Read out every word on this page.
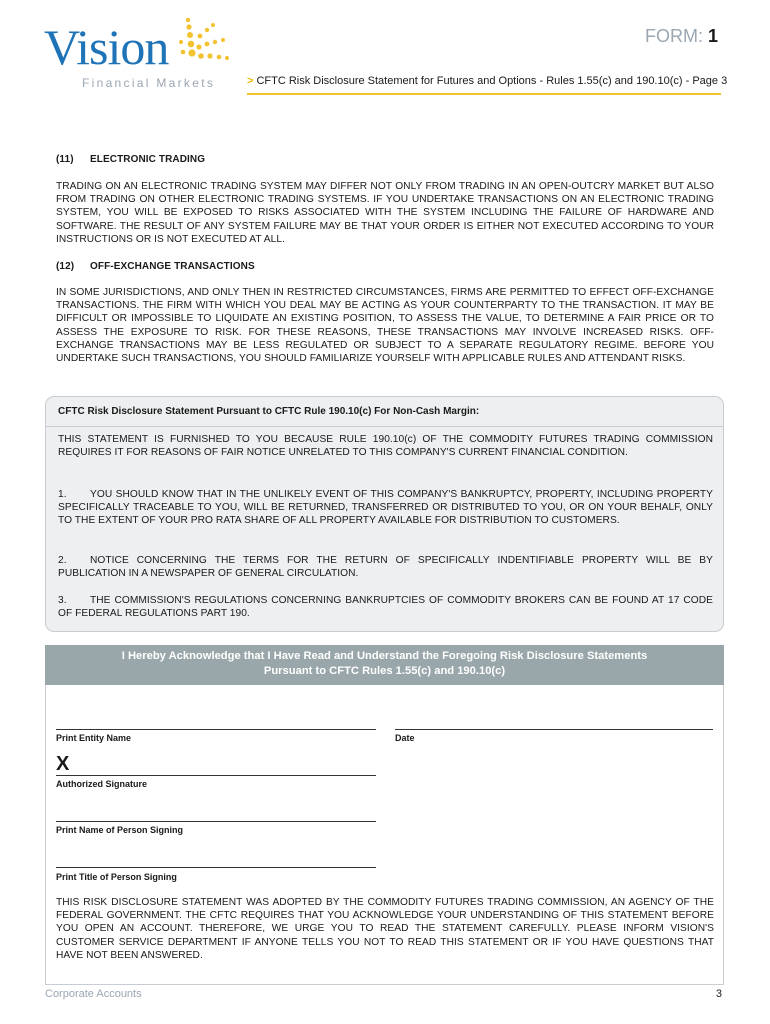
Vision
Financial Markets
FORM: 1
> CFTC Risk Disclosure Statement for Futures and Options - Rules 1.55(c) and 190.10(c) - Page 3
(11) ELECTRONIC TRADING
TRADING ON AN ELECTRONIC TRADING SYSTEM MAY DIFFER NOT ONLY FROM TRADING IN AN OPEN-OUTCRY MARKET BUT ALSO FROM TRADING ON OTHER ELECTRONIC TRADING SYSTEMS. IF YOU UNDERTAKE TRANSACTIONS ON AN ELECTRONIC TRADING SYSTEM, YOU WILL BE EXPOSED TO RISKS ASSOCIATED WITH THE SYSTEM INCLUDING THE FAILURE OF HARDWARE AND SOFTWARE. THE RESULT OF ANY SYSTEM FAILURE MAY BE THAT YOUR ORDER IS EITHER NOT EXECUTED ACCORDING TO YOUR INSTRUCTIONS OR IS NOT EXECUTED AT ALL.
(12) OFF-EXCHANGE TRANSACTIONS
IN SOME JURISDICTIONS, AND ONLY THEN IN RESTRICTED CIRCUMSTANCES, FIRMS ARE PERMITTED TO EFFECT OFF-EXCHANGE TRANSACTIONS. THE FIRM WITH WHICH YOU DEAL MAY BE ACTING AS YOUR COUNTERPARTY TO THE TRANSACTION. IT MAY BE DIFFICULT OR IMPOSSIBLE TO LIQUIDATE AN EXISTING POSITION, TO ASSESS THE VALUE, TO DETERMINE A FAIR PRICE OR TO ASSESS THE EXPOSURE TO RISK. FOR THESE REASONS, THESE TRANSACTIONS MAY INVOLVE INCREASED RISKS. OFF-EXCHANGE TRANSACTIONS MAY BE LESS REGULATED OR SUBJECT TO A SEPARATE REGULATORY REGIME. BEFORE YOU UNDERTAKE SUCH TRANSACTIONS, YOU SHOULD FAMILIARIZE YOURSELF WITH APPLICABLE RULES AND ATTENDANT RISKS.
CFTC Risk Disclosure Statement Pursuant to CFTC Rule 190.10(c) For Non-Cash Margin:
THIS STATEMENT IS FURNISHED TO YOU BECAUSE RULE 190.10(c) OF THE COMMODITY FUTURES TRADING COMMISSION REQUIRES IT FOR REASONS OF FAIR NOTICE UNRELATED TO THIS COMPANY'S CURRENT FINANCIAL CONDITION.
1. YOU SHOULD KNOW THAT IN THE UNLIKELY EVENT OF THIS COMPANY'S BANKRUPTCY, PROPERTY, INCLUDING PROPERTY SPECIFICALLY TRACEABLE TO YOU, WILL BE RETURNED, TRANSFERRED OR DISTRIBUTED TO YOU, OR ON YOUR BEHALF, ONLY TO THE EXTENT OF YOUR PRO RATA SHARE OF ALL PROPERTY AVAILABLE FOR DISTRIBUTION TO CUSTOMERS.
2. NOTICE CONCERNING THE TERMS FOR THE RETURN OF SPECIFICALLY INDENTIFIABLE PROPERTY WILL BE BY PUBLICATION IN A NEWSPAPER OF GENERAL CIRCULATION.
3. THE COMMISSION'S REGULATIONS CONCERNING BANKRUPTCIES OF COMMODITY BROKERS CAN BE FOUND AT 17 CODE OF FEDERAL REGULATIONS PART 190.
I Hereby Acknowledge that I Have Read and Understand the Foregoing Risk Disclosure Statements
Pursuant to CFTC Rules 1.55(c) and 190.10(c)
Print Entity Name	Date
X
Authorized Signature
Print Name of Person Signing
Print Title of Person Signing
THIS RISK DISCLOSURE STATEMENT WAS ADOPTED BY THE COMMODITY FUTURES TRADING COMMISSION, AN AGENCY OF THE FEDERAL GOVERNMENT. THE CFTC REQUIRES THAT YOU ACKNOWLEDGE YOUR UNDERSTANDING OF THIS STATEMENT BEFORE YOU OPEN AN ACCOUNT. THEREFORE, WE URGE YOU TO READ THE STATEMENT CAREFULLY. PLEASE INFORM VISION'S CUSTOMER SERVICE DEPARTMENT IF ANYONE TELLS YOU NOT TO READ THIS STATEMENT OR IF YOU HAVE QUESTIONS THAT HAVE NOT BEEN ANSWERED.
Corporate Accounts	3
